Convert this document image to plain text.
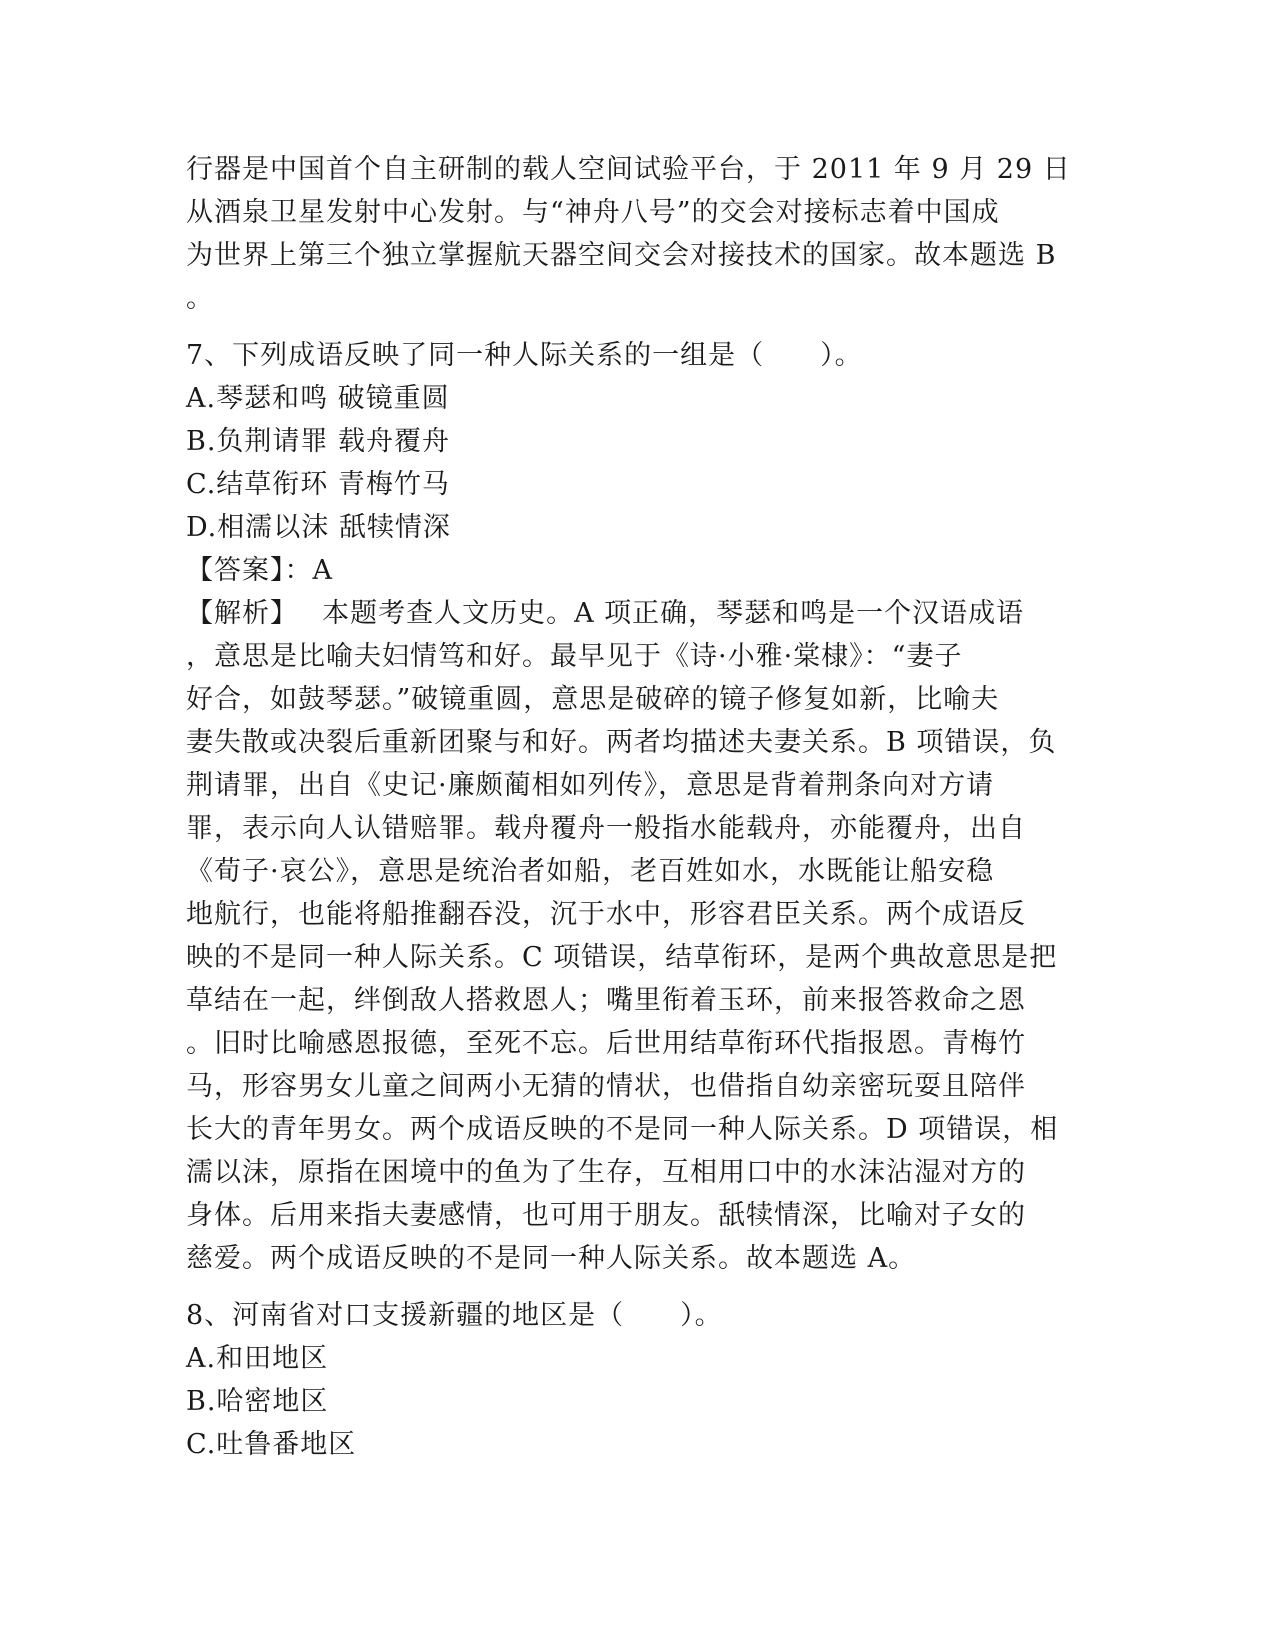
行器是中国首个自主研制的载人空间试验平台，于 2011 年 9 月 29 日

从酒泉卫星发射中心发射。与“神舟八号”的交会对接标志着中国成

为世界上第三个独立掌握航天器空间交会对接技术的国家。故本题选 B

。

7、下列成语反映了同一种人际关系的一组是（　　）。

A.琴瑟和鸣 破镜重圆

B.负荆请罪 载舟覆舟

C.结草衔环 青梅竹马

D.相濡以沫 舐犊情深

【答案】：A

【解析】　 本题考查人文历史。A 项正确，琴瑟和鸣是一个汉语成语

，意思是比喻夫妇情笃和好。最早见于《诗·小雅·棠棣》：“妻子

好合，如鼓琴瑟。”破镜重圆，意思是破碎的镜子修复如新，比喻夫

妻失散或决裂后重新团聚与和好。两者均描述夫妻关系。B 项错误，负

荆请罪，出自《史记·廉颇蔺相如列传》，意思是背着荆条向对方请

罪，表示向人认错赔罪。载舟覆舟一般指水能载舟，亦能覆舟，出自

《荀子·哀公》，意思是统治者如船，老百姓如水，水既能让船安稳

地航行，也能将船推翻吞没，沉于水中，形容君臣关系。两个成语反

映的不是同一种人际关系。C 项错误，结草衔环，是两个典故意思是把

草结在一起，绊倒敌人搭救恩人；嘴里衔着玉环，前来报答救命之恩

。旧时比喻感恩报德，至死不忘。后世用结草衔环代指报恩。青梅竹

马，形容男女儿童之间两小无猜的情状，也借指自幼亲密玩耍且陪伴

长大的青年男女。两个成语反映的不是同一种人际关系。D 项错误，相

濡以沫，原指在困境中的鱼为了生存，互相用口中的水沫沾湿对方的

身体。后用来指夫妻感情，也可用于朋友。舐犊情深，比喻对子女的

慈爱。两个成语反映的不是同一种人际关系。故本题选 A。

8、河南省对口支援新疆的地区是（　　）。

A.和田地区

B.哈密地区

C.吐鲁番地区
